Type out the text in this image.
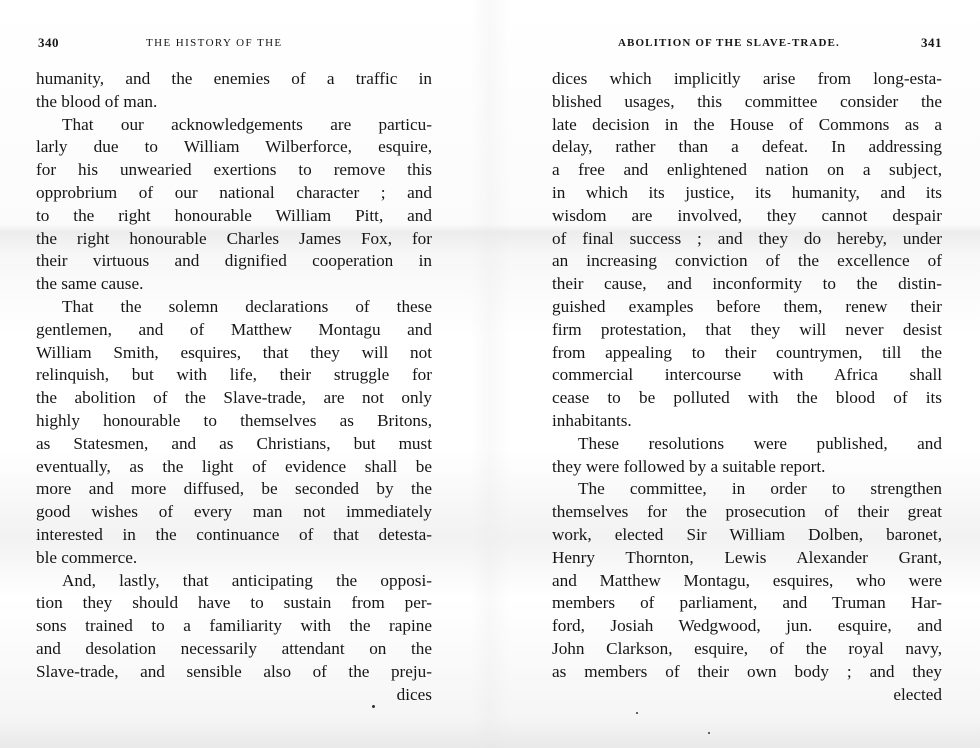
340	THE HISTORY OF THE
humanity, and the enemies of a traffic in
the blood of man.
That our acknowledgements are particu-
larly due to William Wilberforce, esquire,
for his unwearied exertions to remove this
opprobrium of our national character ; and
to the right honourable William Pitt, and
the right honourable Charles James Fox, for
their virtuous and dignified cooperation in
the same cause.
That the solemn declarations of these
gentlemen, and of Matthew Montagu and
William Smith, esquires, that they will not
relinquish, but with life, their struggle for
the abolition of the Slave-trade, are not only
highly honourable to themselves as Britons,
as Statesmen, and as Christians, but must
eventually, as the light of evidence shall be
more and more diffused, be seconded by the
good wishes of every man not immediately
interested in the continuance of that detesta-
ble commerce.
And, lastly, that anticipating the opposi-
tion they should have to sustain from per-
sons trained to a familiarity with the rapine
and desolation necessarily attendant on the
Slave-trade, and sensible also of the preju-
dices
ABOLITION OF THE SLAVE-TRADE.	341
dices which implicitly arise from long-esta-
blished usages, this committee consider the
late decision in the House of Commons as a
delay, rather than a defeat. In addressing
a free and enlightened nation on a subject,
in which its justice, its humanity, and its
wisdom are involved, they cannot despair
of final success ; and they do hereby, under
an increasing conviction of the excellence of
their cause, and inconformity to the distin-
guished examples before them, renew their
firm protestation, that they will never desist
from appealing to their countrymen, till the
commercial intercourse with Africa shall
cease to be polluted with the blood of its
inhabitants.
These resolutions were published, and
they were followed by a suitable report.
The committee, in order to strengthen
themselves for the prosecution of their great
work, elected Sir William Dolben, baronet,
Henry Thornton, Lewis Alexander Grant,
and Matthew Montagu, esquires, who were
members of parliament, and Truman Har-
ford, Josiah Wedgwood, jun. esquire, and
John Clarkson, esquire, of the royal navy,
as members of their own body ; and they
elected
